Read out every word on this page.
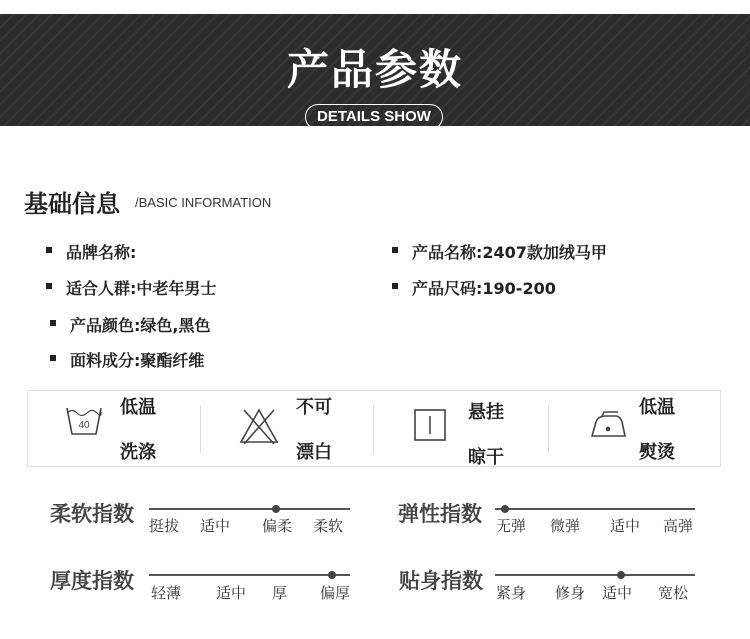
产品参数
DETAILS SHOW
基础信息 /BASIC INFORMATION
品牌名称:	产品名称:2407款加绒马甲
适合人群:中老年男士	产品尺码:190-200
产品颜色:绿色,黑色
面料成分:聚酯纤维
40
低温
洗涤
不可
漂白
悬挂
晾干
低温
熨烫
柔软指数 挺拔 适中 偏柔 柔软	弹性指数 无弹 微弹 适中 高弹
厚度指数 轻薄 适中 厚 偏厚 贴身指数 紧身 修身 适中 宽松
